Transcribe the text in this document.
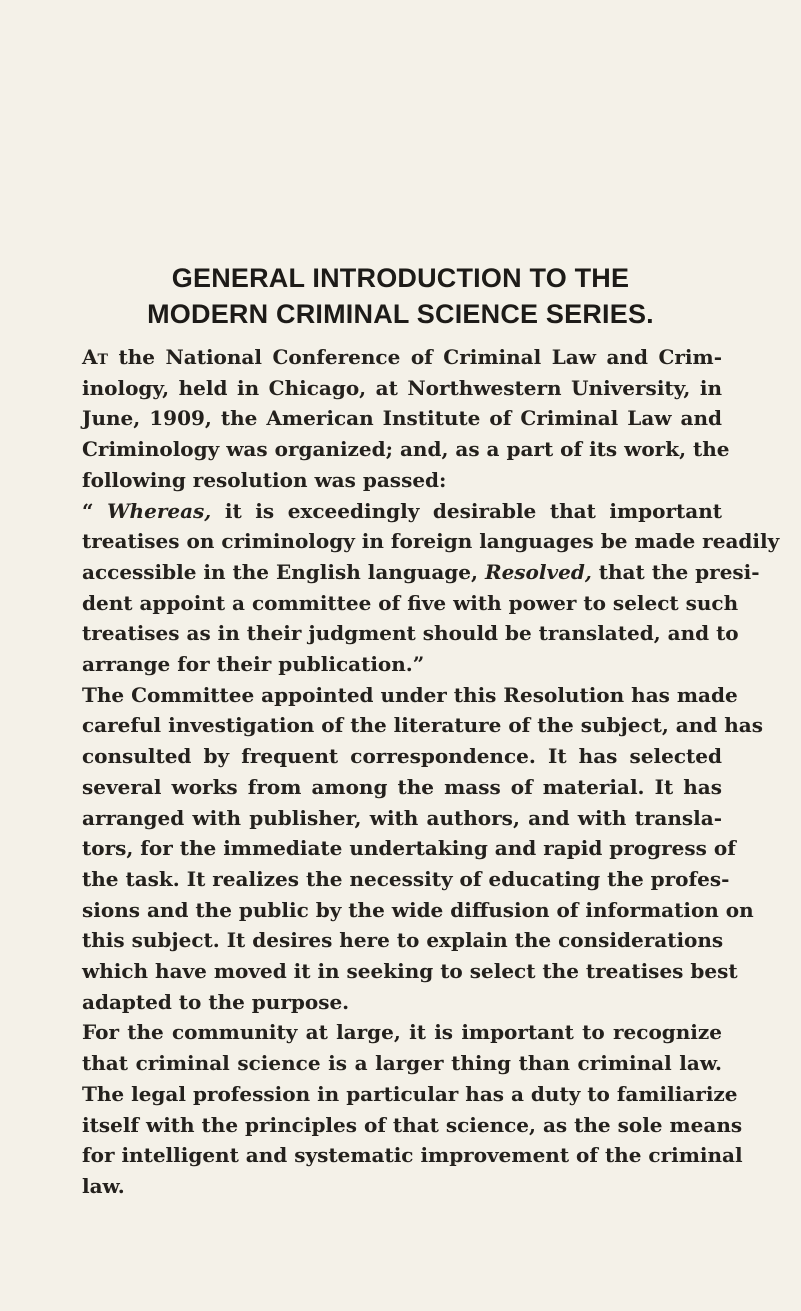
GENERAL INTRODUCTION TO THE
MODERN CRIMINAL SCIENCE SERIES.
At the National Conference of Criminal Law and Crim-
inology, held in Chicago, at Northwestern University, in
June, 1909, the American Institute of Criminal Law and
Criminology was organized; and, as a part of its work, the
following resolution was passed:
“ Whereas, it is exceedingly desirable that important
treatises on criminology in foreign languages be made readily
accessible in the English language, Resolved, that the presi-
dent appoint a committee of five with power to select such
treatises as in their judgment should be translated, and to
arrange for their publication.”
The Committee appointed under this Resolution has made
careful investigation of the literature of the subject, and has
consulted by frequent correspondence. It has selected
several works from among the mass of material. It has
arranged with publisher, with authors, and with transla-
tors, for the immediate undertaking and rapid progress of
the task. It realizes the necessity of educating the profes-
sions and the public by the wide diffusion of information on
this subject. It desires here to explain the considerations
which have moved it in seeking to select the treatises best
adapted to the purpose.
For the community at large, it is important to recognize
that criminal science is a larger thing than criminal law.
The legal profession in particular has a duty to familiarize
itself with the principles of that science, as the sole means
for intelligent and systematic improvement of the criminal
law.
